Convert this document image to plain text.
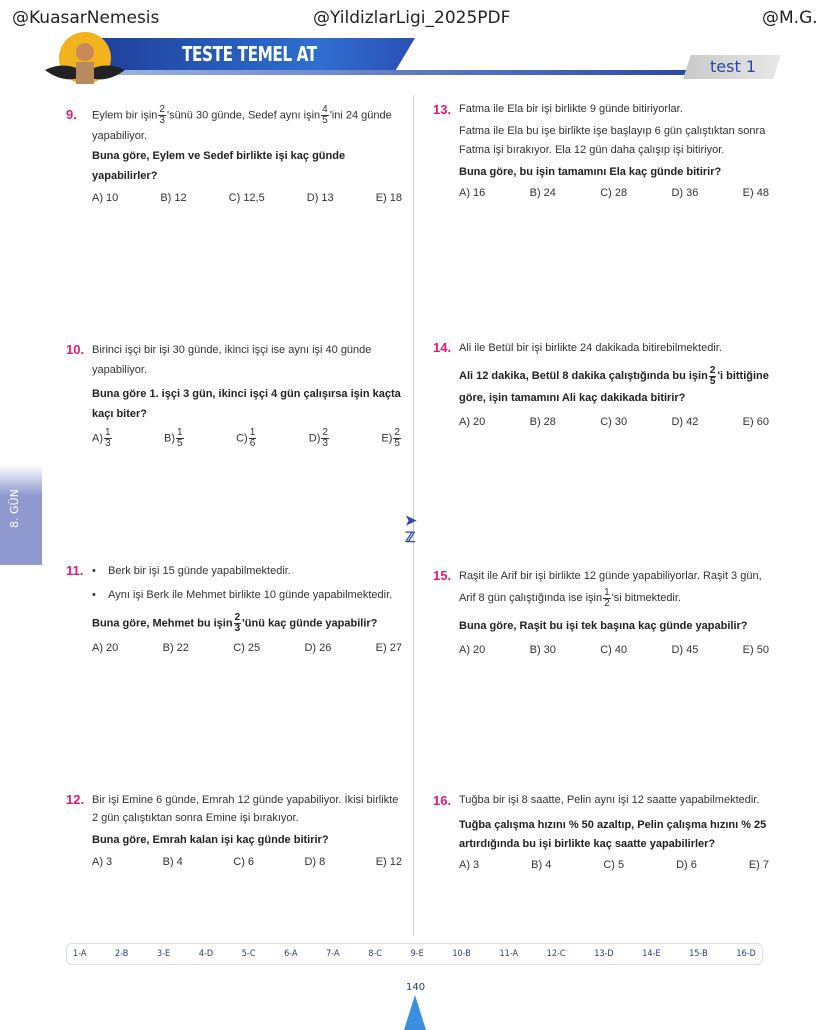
@KuasarNemesis	@YildizlarLigi_2025PDF	@M.G.
TESTE TEMEL AT
test 1
➤
ℤ
8. GÜN
9. Eylem bir işin $\frac{2}{3}$ 'sünü 30 günde, Sedef aynı işin $\frac{4}{5}$ 'ini 24 günde yapabiliyor.

Buna göre, Eylem ve Sedef birlikte işi kaç günde yapabilirler?

A) 10	B) 12	C) 12,5	D) 13	E) 18
10. Birinci işçi bir işi 30 günde, ikinci işçi ise aynı işi 40 günde yapabiliyor.

Buna göre 1. işçi 3 gün, ikinci işçi 4 gün çalışırsa işin kaçta kaçı biter?

$A) \frac{1}{3}$	$B) \frac{1}{5}$	$C) \frac{1}{6}$	$D) \frac{2}{3}$	$E) \frac{2}{5}$
11. •    Berk bir işi 15 günde yapabilmektedir.

•    Aynı işi Berk ile Mehmet birlikte 10 günde yapabilmektedir.

Buna göre, Mehmet bu işin $\frac{2}{3}$ 'ünü kaç günde yapabilir?

A) 20	B) 22	C) 25	D) 26	E) 27
12. Bir işi Emine 6 günde, Emrah 12 günde yapabiliyor. İkisi birlikte 2 gün çalıştıktan sonra Emine işi bırakıyor.

Buna göre, Emrah kalan işi kaç günde bitirir?

A) 3	B) 4	C) 6	D) 8	E) 12
13. Fatma ile Ela bir işi birlikte 9 günde bitiriyorlar.

Fatma ile Ela bu işe birlikte işe başlayıp 6 gün çalıştıktan sonra Fatma işi bırakıyor. Ela 12 gün daha çalışıp işi bitiriyor.

Buna göre, bu işin tamamını Ela kaç günde bitirir?

A) 16	B) 24	C) 28	D) 36	E) 48
14. Ali ile Betül bir işi birlikte 24 dakikada bitirebilmektedir.

Ali 12 dakika, Betül 8 dakika çalıştığında bu işin $\frac{2}{5}$ 'i bittiğine göre, işin tamamını Ali kaç dakikada bitirir?

A) 20	B) 28	C) 30	D) 42	E) 60
15. Raşit ile Arif bir işi birlikte 12 günde yapabiliyorlar. Raşit 3 gün, Arif 8 gün çalıştığında ise işin $\frac{1}{2}$ 'si bitmektedir.

Buna göre, Raşit bu işi tek başına kaç günde yapabilir?

A) 20	B) 30	C) 40	D) 45	E) 50
16. Tuğba bir işi 8 saatte, Pelin aynı işi 12 saatte yapabilmektedir.

Tuğba çalışma hızını % 50 azaltıp, Pelin çalışma hızını % 25 artırdığında bu işi birlikte kaç saatte yapabilirler?

A) 3	B) 4	C) 5	D) 6	E) 7
1-A	2-B	3-E	4-D	5-C	6-A	7-A	8-C	9-E	10-B	11-A	12-C	13-D	14-E	15-B	16-D
140
